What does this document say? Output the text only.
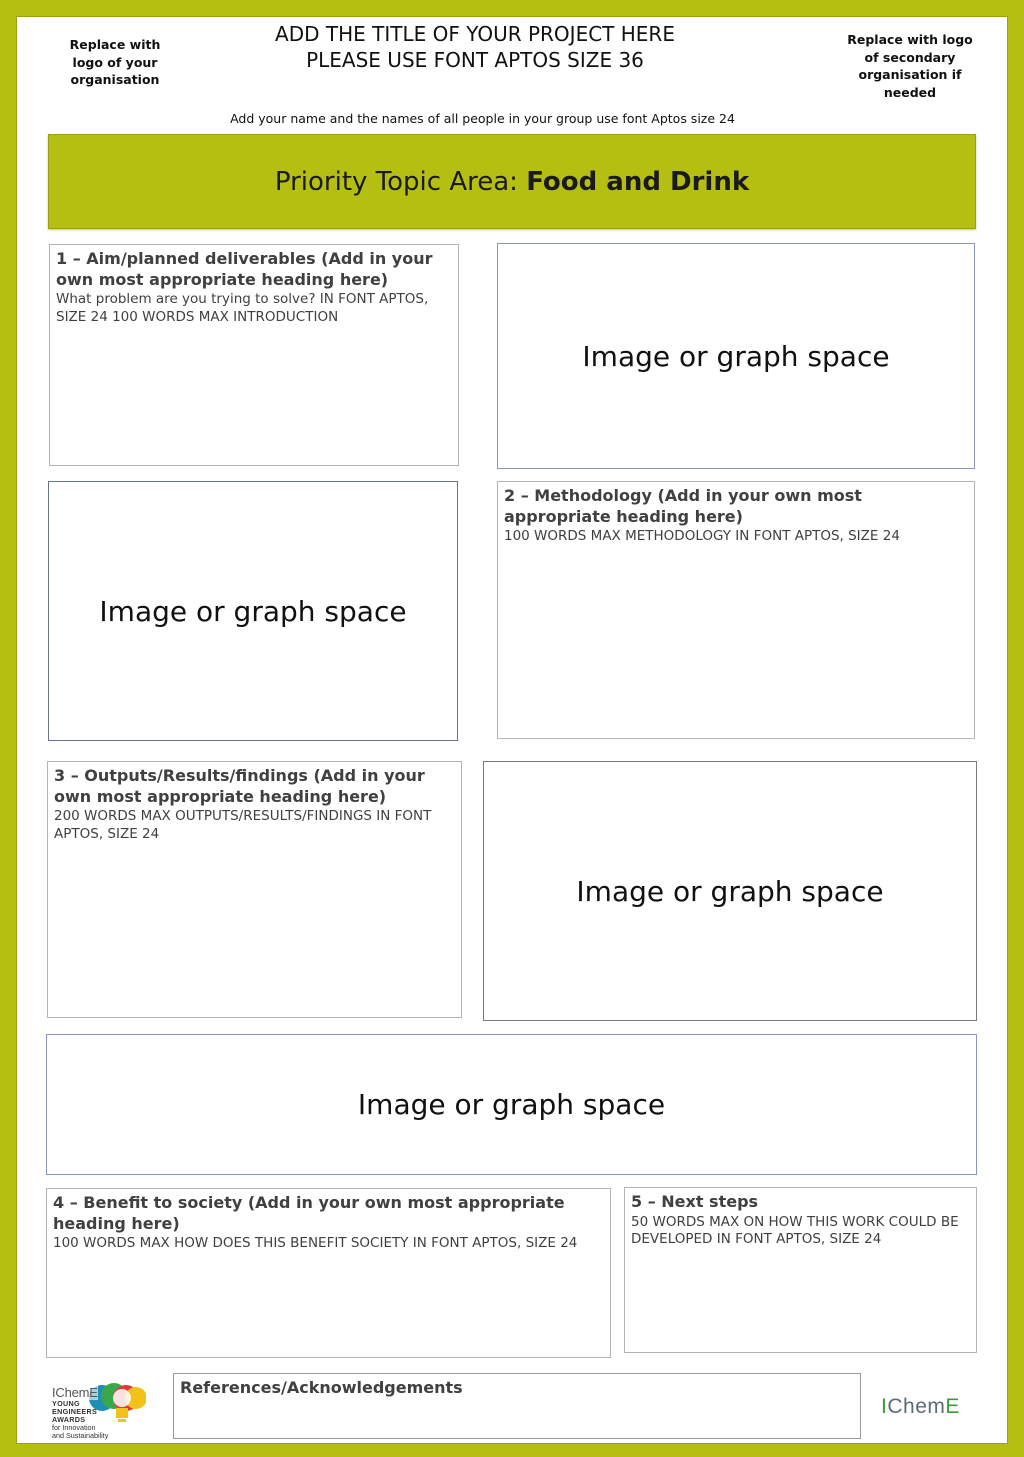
Replace with logo of your organisation
ADD THE TITLE OF YOUR PROJECT HERE
PLEASE USE FONT APTOS SIZE 36
Replace with logo of secondary organisation if needed
Add your name and the names of all people in your group use font Aptos size 24
Priority Topic Area: Food and Drink
1 – Aim/planned deliverables (Add in your own most appropriate heading here)
What problem are you trying to solve? IN FONT APTOS, SIZE 24 100 WORDS MAX INTRODUCTION
Image or graph space
Image or graph space
2 – Methodology (Add in your own most appropriate heading here)
100 WORDS MAX METHODOLOGY IN FONT APTOS, SIZE 24
3 – Outputs/Results/findings (Add in your own most appropriate heading here)
200 WORDS MAX OUTPUTS/RESULTS/FINDINGS IN FONT APTOS, SIZE 24
Image or graph space
Image or graph space
4 – Benefit to society (Add in your own most appropriate heading here)
100 WORDS MAX HOW DOES THIS BENEFIT SOCIETY IN FONT APTOS, SIZE 24
5 – Next steps
50 WORDS MAX ON HOW THIS WORK COULD BE DEVELOPED IN FONT APTOS, SIZE 24
IChemE
YOUNG
ENGINEERS
AWARDS
for Innovation
and Sustainability
References/Acknowledgements
IChemE
